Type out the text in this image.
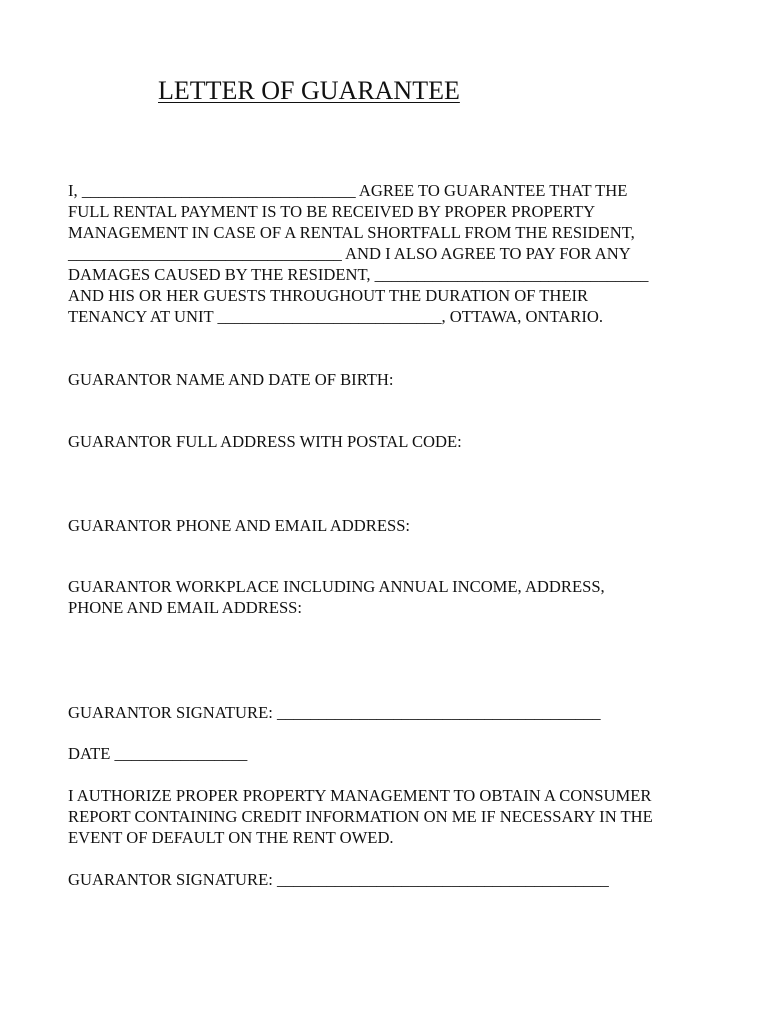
LETTER OF GUARANTEE

I, _________________________________ AGREE TO GUARANTEE THAT THE

FULL RENTAL PAYMENT IS TO BE RECEIVED BY PROPER PROPERTY

MANAGEMENT IN CASE OF A RENTAL SHORTFALL FROM THE RESIDENT,

_________________________________ AND I ALSO AGREE TO PAY FOR ANY

DAMAGES CAUSED BY THE RESIDENT, _________________________________

AND HIS OR HER GUESTS THROUGHOUT THE DURATION OF THEIR

TENANCY AT UNIT ___________________________, OTTAWA, ONTARIO.

GUARANTOR NAME AND DATE OF BIRTH:

GUARANTOR FULL ADDRESS WITH POSTAL CODE:

GUARANTOR PHONE AND EMAIL ADDRESS:

GUARANTOR WORKPLACE INCLUDING ANNUAL INCOME, ADDRESS,

PHONE AND EMAIL ADDRESS:

GUARANTOR SIGNATURE: _______________________________________

DATE ________________

I AUTHORIZE PROPER PROPERTY MANAGEMENT TO OBTAIN A CONSUMER

REPORT CONTAINING CREDIT INFORMATION ON ME IF NECESSARY IN THE

EVENT OF DEFAULT ON THE RENT OWED.

GUARANTOR SIGNATURE: ________________________________________
